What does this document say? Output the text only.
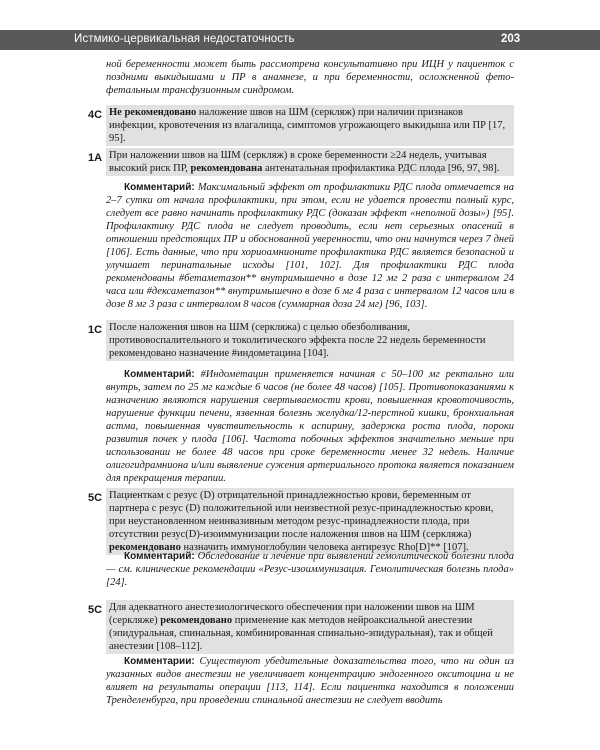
Истмико-цервикальная недостаточность	203
ной беременности может быть рассмотрена консультативно при ИЦН у пациенток с поздними выкидышами и ПР в анамнезе, и при беременности, осложненной фето-фетальным трансфузионным синдромом.
4C Не рекомендовано наложение швов на ШМ (серкляж) при наличии признаков инфекции, кровотечения из влагалища, симптомов угрожающего выкидыша или ПР [17, 95].
1A При наложении швов на ШМ (серкляж) в сроке беременности ≥24 недель, учитывая высокий риск ПР, рекомендована антенатальная профилактика РДС плода [96, 97, 98].
Комментарий: Максимальный эффект от профилактики РДС плода отмечается на 2–7 сутки от начала профилактики, при этом, если не удается провести полный курс, следует все равно начинать профилактику РДС (доказан эффект «неполной дозы») [95]. Профилактику РДС плода не следует проводить, если нет серьезных опасений в отношении предстоящих ПР и обоснованной уверенности, что они начнутся через 7 дней [106]. Есть данные, что при хориоамнионите профилактика РДС является безопасной и улучшает перинатальные исходы [101, 102]. Для профилактики РДС плода рекомендованы #бетаметазон** внутримышечно в дозе 12 мг 2 раза с интервалом 24 часа или #дексаметазон** внутримышечно в дозе 6 мг 4 раза с интервалом 12 часов или в дозе 8 мг 3 раза с интервалом 8 часов (суммарная доза 24 мг) [96, 103].
1C После наложения швов на ШМ (серкляжа) с целью обезболивания, противовоспалительного и токолитического эффекта после 22 недель беременности рекомендовано назначение #индометацина [104].
Комментарий: #Индометацин применяется начиная с 50–100 мг ректально или внутрь, затем по 25 мг каждые 6 часов (не более 48 часов) [105]. Противопоказаниями к назначению являются нарушения свертываемости крови, повышенная кровоточивость, нарушение функции печени, язвенная болезнь желудка/12-перстной кишки, бронхиальная астма, повышенная чувствительность к аспирину, задержка роста плода, пороки развития почек у плода [106]. Частота побочных эффектов значительно меньше при использовании не более 48 часов при сроке беременности менее 32 недель. Наличие олигогидрамниона и/или выявление сужения артериального протока является показанием для прекращения терапии.
5C Пациенткам с резус (D) отрицательной принадлежностью крови, беременным от партнера с резус (D) положительной или неизвестной резус-принадлежностью крови, при неустановленном неинвазивным методом резус-принадлежности плода, при отсутствии резус(D)-изоиммунизации после наложения швов на ШМ (серкляжа) рекомендовано назначить иммуноглобулин человека антирезус Rho[D]** [107].
Комментарий: Обследование и лечение при выявлении гемолитической болезни плода — см. клинические рекомендации «Резус-изоиммунизация. Гемолитическая болезнь плода» [24].
5C Для адекватного анестезиологического обеспечения при наложении швов на ШМ (серкляже) рекомендовано применение как методов нейроаксиальной анестезии (эпидуральная, спинальная, комбинированная спинально-эпидуральная), так и общей анестезии [108–112].
Комментарии: Существуют убедительные доказательства того, что ни один из указанных видов анестезии не увеличивает концентрацию эндогенного окситоцина и не влияет на результаты операции [113, 114]. Если пациентка находится в положении Тренделенбурга, при проведении спинальной анестезии не следует вводить
